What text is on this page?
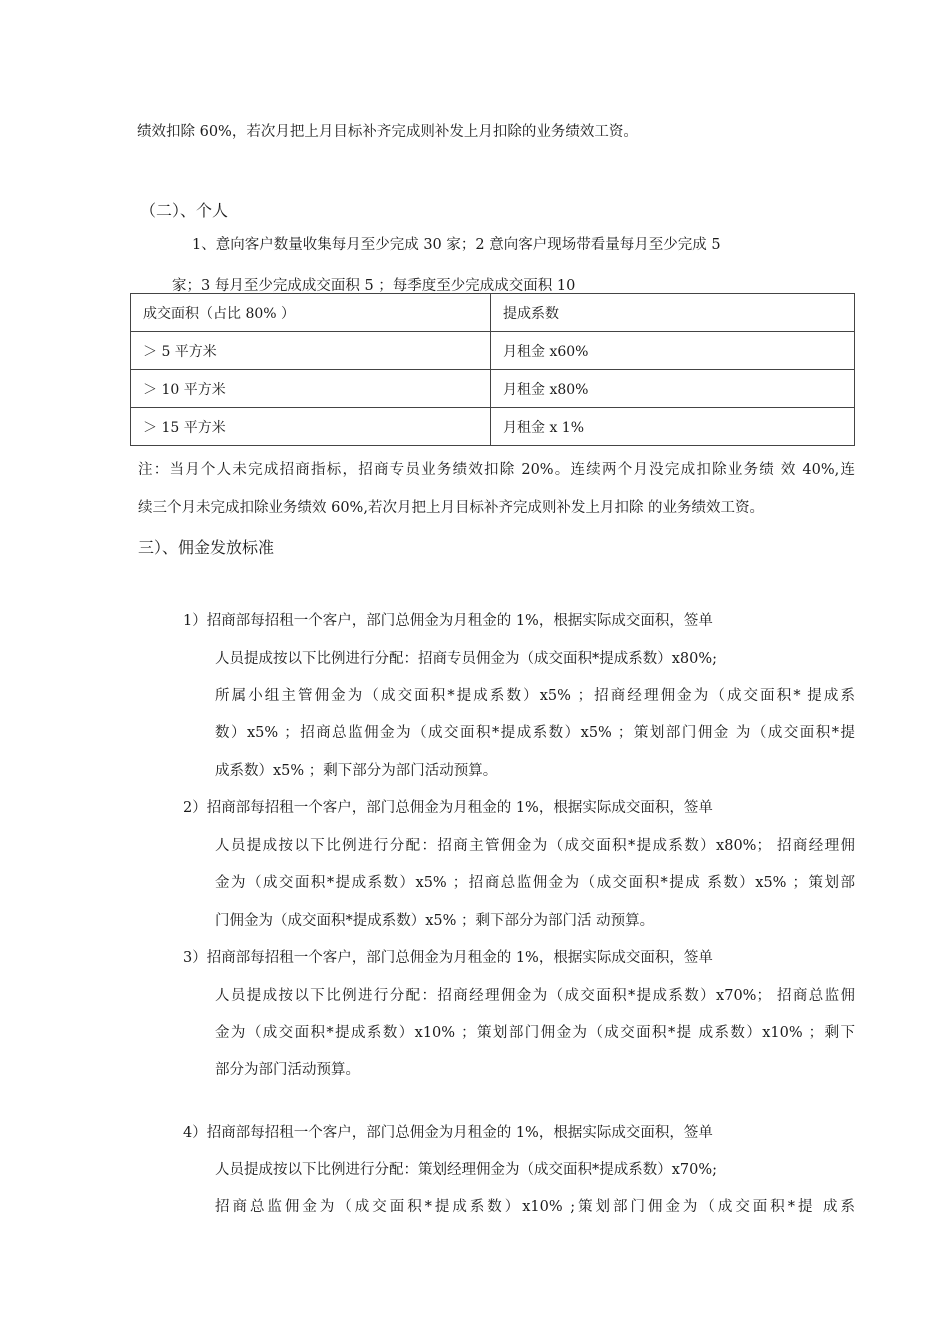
绩效扣除 60%，若次月把上月目标补齐完成则补发上月扣除的业务绩效工资。
（二）、个人
1、意向客户数量收集每月至少完成 30 家；2 意向客户现场带看量每月至少完成 5
家；3 每月至少完成成交面积 5 ；每季度至少完成成交面积 10
成交面积（占比 80% ）	提成系数
＞ 5 平方米	月租金 x60%
＞ 10 平方米	月租金 x80%
＞ 15 平方米	月租金 x 1%
注：当月个人未完成招商指标，招商专员业务绩效扣除 20%。连续两个月没完成扣除业务绩 效 40%,连
续三个月未完成扣除业务绩效 60%,若次月把上月目标补齐完成则补发上月扣除 的业务绩效工资。
三）、佣金发放标准
1）招商部每招租一个客户，部门总佣金为月租金的 1%，根据实际成交面积，签单
人员提成按以下比例进行分配：招商专员佣金为（成交面积*提成系数）x80%;
所属小组主管佣金为（成交面积*提成系数）x5% ；招商经理佣金为（成交面积* 提成系
数）x5% ；招商总监佣金为（成交面积*提成系数）x5% ；策划部门佣金 为（成交面积*提
成系数）x5% ；剩下部分为部门活动预算。
2）招商部每招租一个客户，部门总佣金为月租金的 1%，根据实际成交面积，签单
人员提成按以下比例进行分配：招商主管佣金为（成交面积*提成系数）x80%； 招商经理佣
金为（成交面积*提成系数）x5% ；招商总监佣金为（成交面积*提成 系数）x5% ；策划部
门佣金为（成交面积*提成系数）x5% ；剩下部分为部门活 动预算。
3）招商部每招租一个客户，部门总佣金为月租金的 1%，根据实际成交面积，签单
人员提成按以下比例进行分配：招商经理佣金为（成交面积*提成系数）x70%； 招商总监佣
金为（成交面积*提成系数）x10% ；策划部门佣金为（成交面积*提 成系数）x10% ；剩下
部分为部门活动预算。
4）招商部每招租一个客户，部门总佣金为月租金的 1%，根据实际成交面积，签单
人员提成按以下比例进行分配：策划经理佣金为（成交面积*提成系数）x70%;
招商总监佣金为（成交面积*提成系数）x10% ;策划部门佣金为（成交面积*提 成系
